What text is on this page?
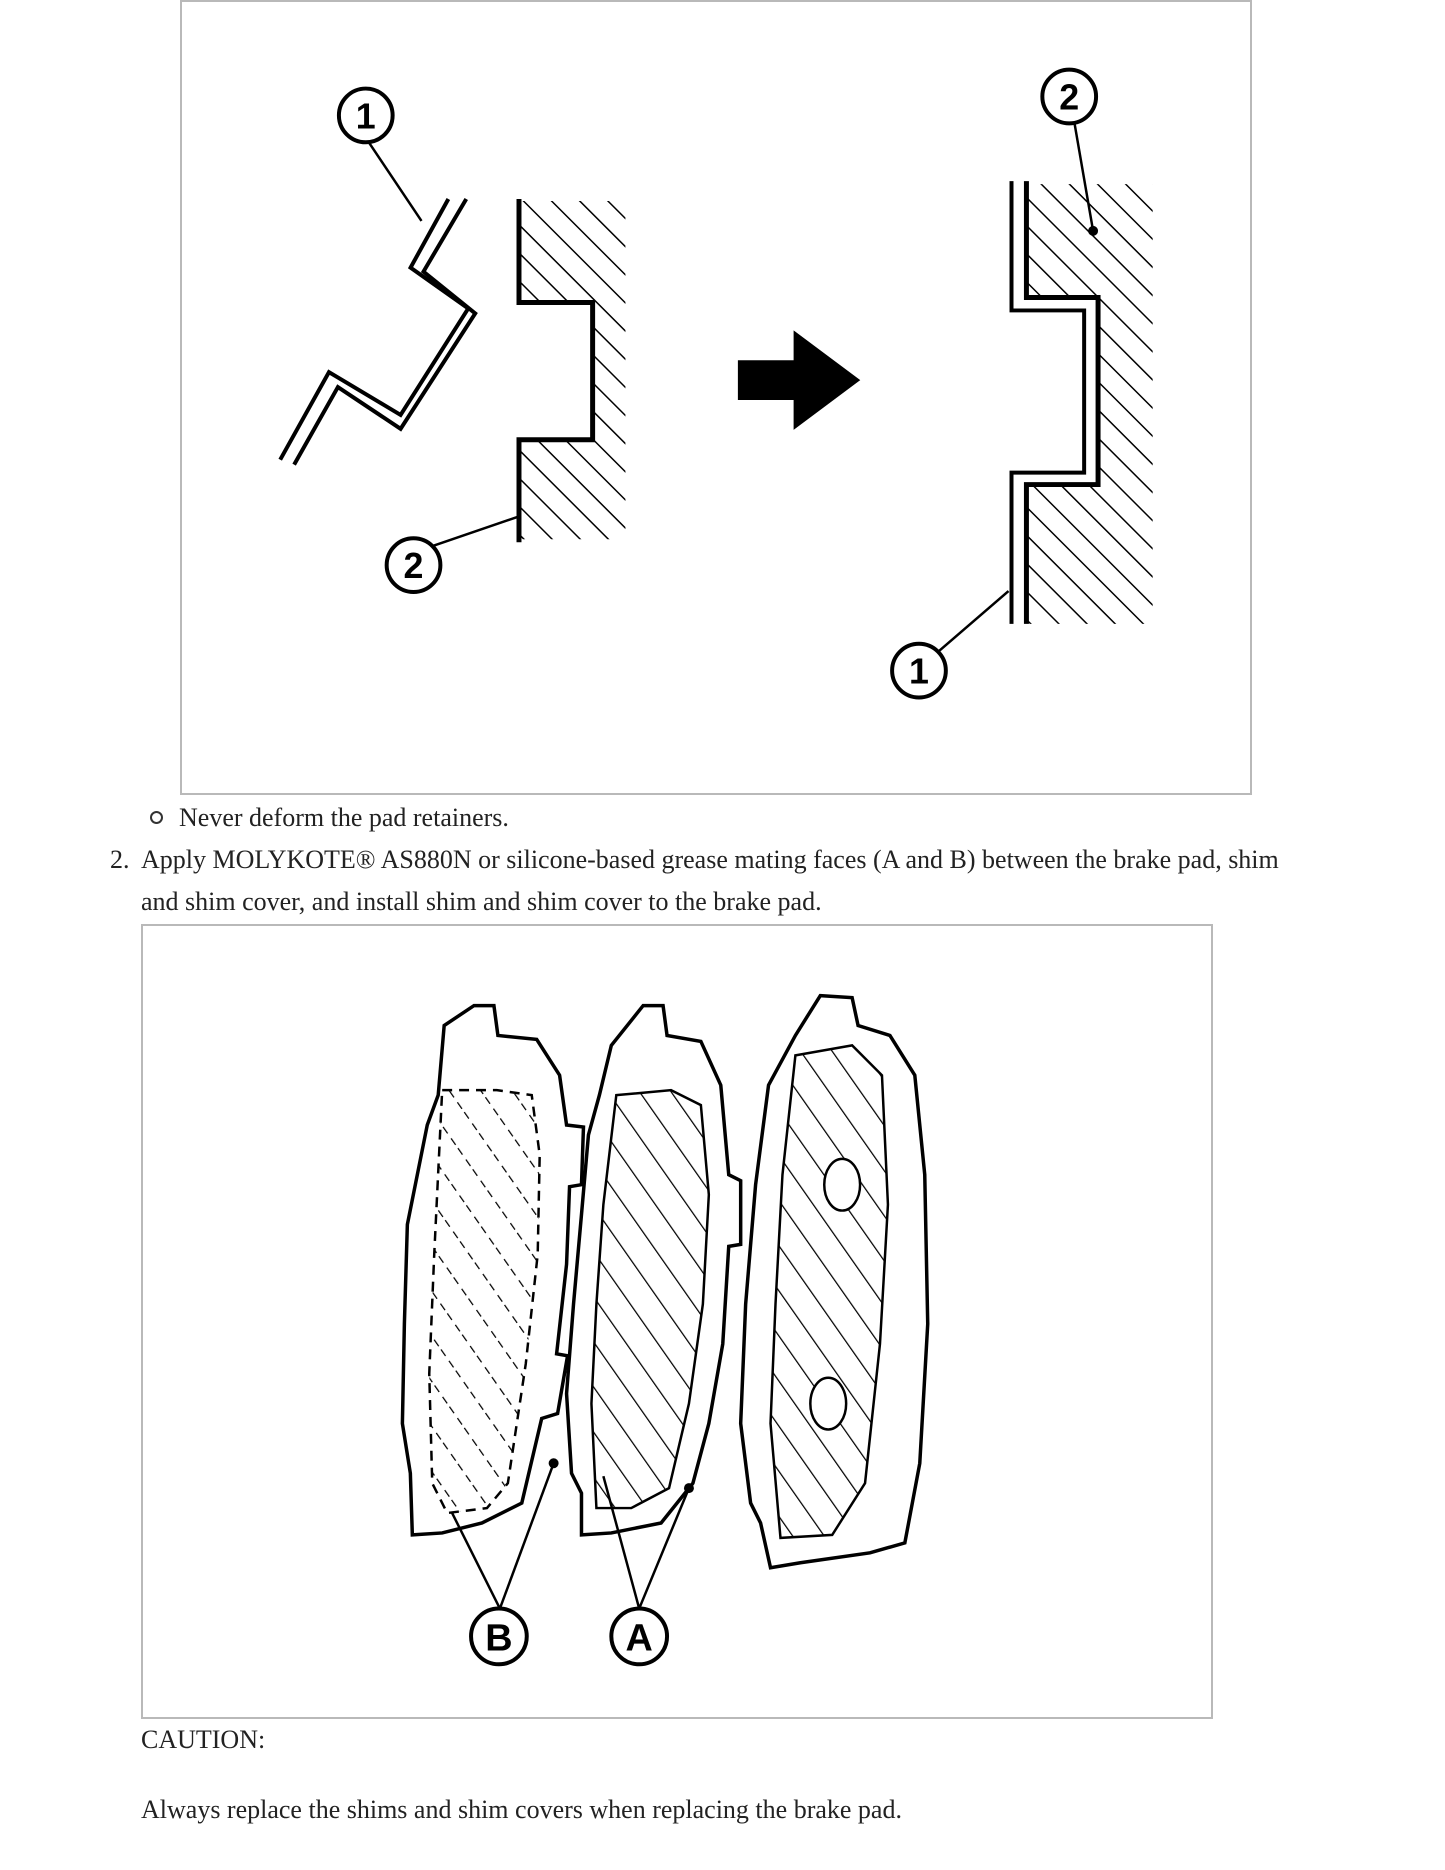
1
2
2
1
Never deform the pad retainers.
2. Apply MOLYKOTE® AS880N or silicone-based grease mating faces (A and B) between the brake pad, shim
and shim cover, and install shim and shim cover to the brake pad.
B	A
CAUTION:
Always replace the shims and shim covers when replacing the brake pad.
